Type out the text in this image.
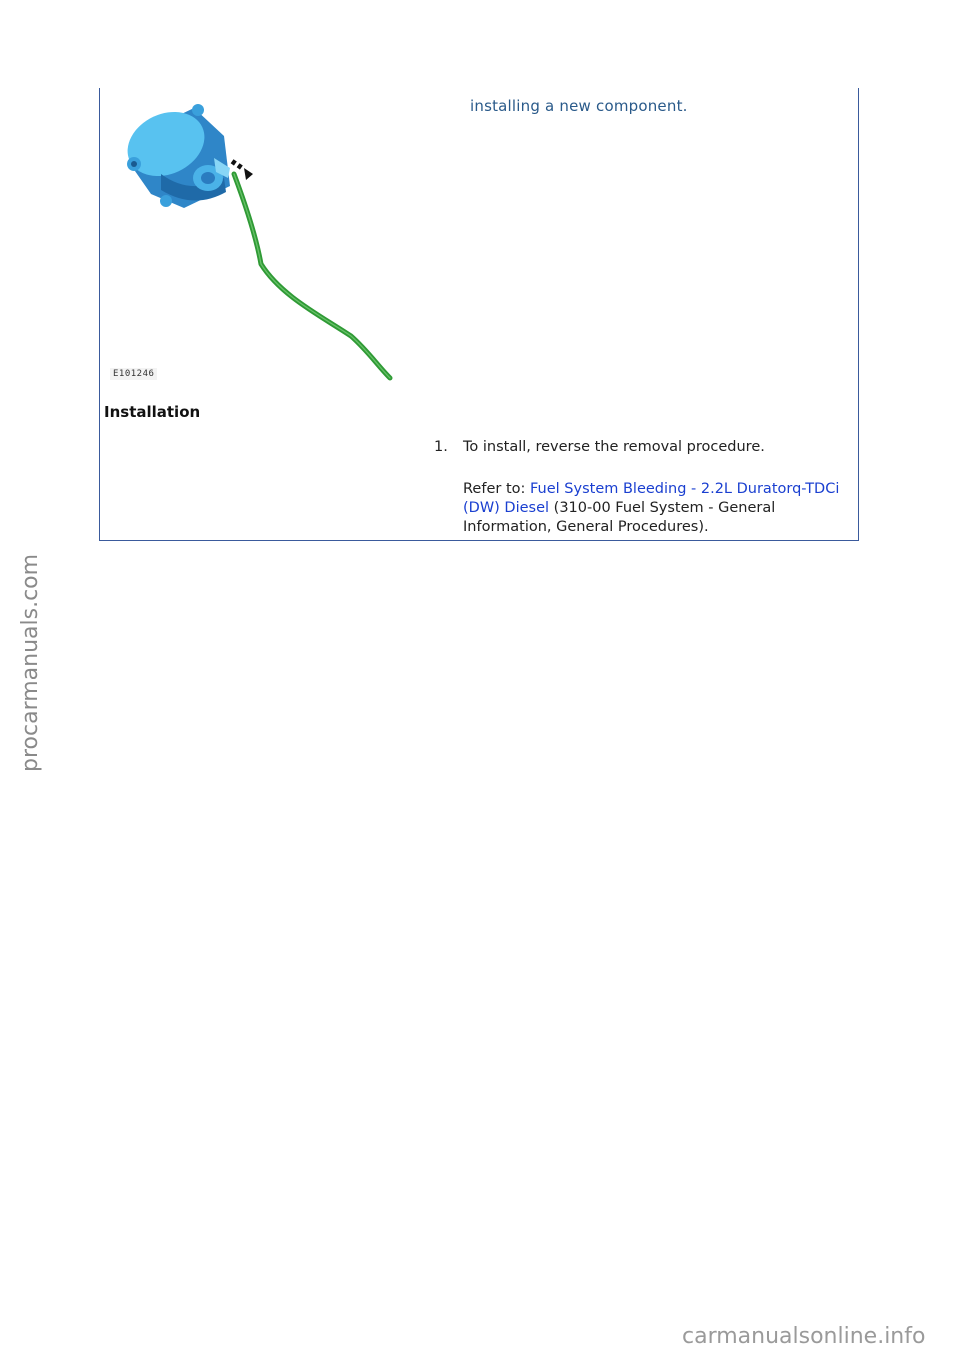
installing a new component.
E101246
Installation
1. To install, reverse the removal procedure.
Refer to: Fuel System Bleeding - 2.2L Duratorq-TDCi (DW) Diesel (310-00 Fuel System - General Information, General Procedures).
procarmanuals.com
carmanualsonline.info
